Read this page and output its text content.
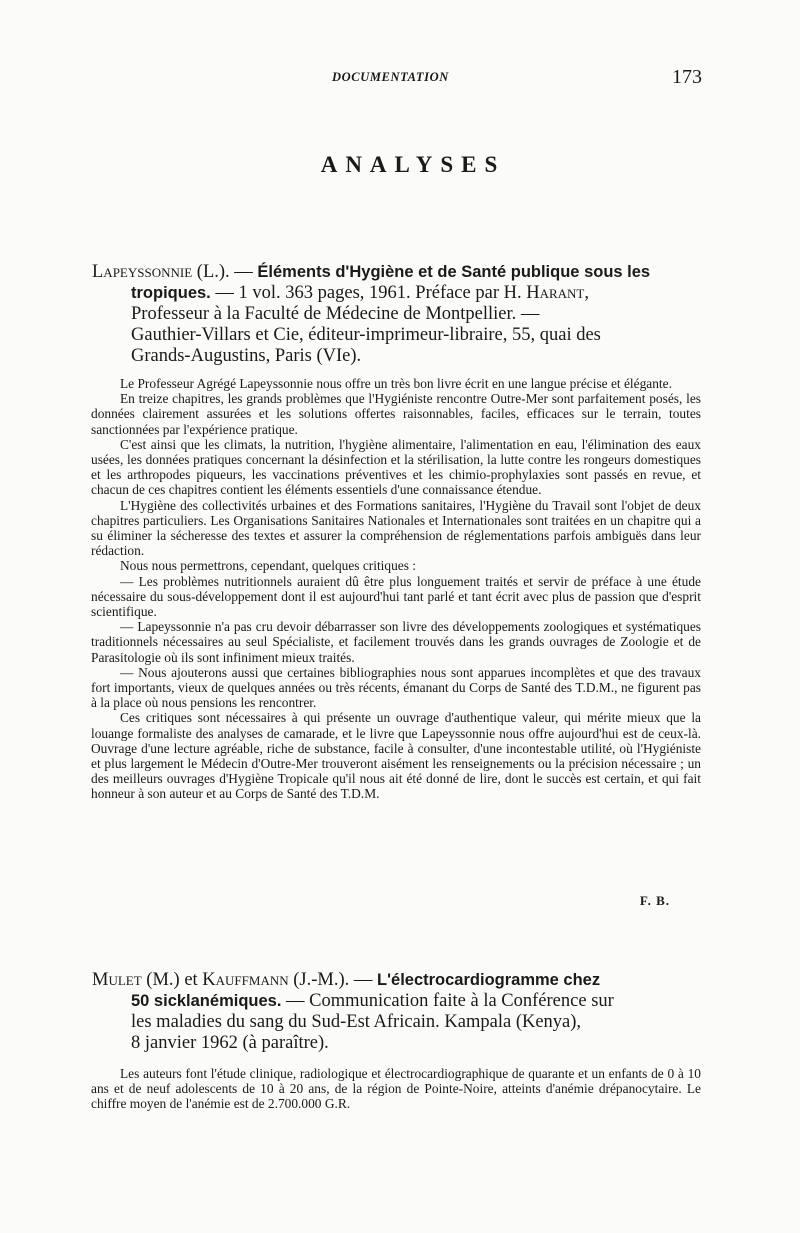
DOCUMENTATION	173
ANALYSES
Lapeyssonnie (L.). — Éléments d'Hygiène et de Santé publique sous les
tropiques. — 1 vol. 363 pages, 1961. Préface par H. Harant,
Professeur à la Faculté de Médecine de Montpellier. —
Gauthier-Villars et Cie, éditeur-imprimeur-libraire, 55, quai des
Grands-Augustins, Paris (VIe).

Le Professeur Agrégé Lapeyssonnie nous offre un très bon livre écrit en une langue précise et élégante.

En treize chapitres, les grands problèmes que l'Hygiéniste rencontre Outre-Mer sont parfaitement posés, les données clairement assurées et les solutions offertes raisonnables, faciles, efficaces sur le terrain, toutes sanctionnées par l'expérience pratique.

C'est ainsi que les climats, la nutrition, l'hygiène alimentaire, l'alimentation en eau, l'élimination des eaux usées, les données pratiques concernant la désinfection et la stérilisation, la lutte contre les rongeurs domestiques et les arthropodes piqueurs, les vaccinations préventives et les chimio-prophylaxies sont passés en revue, et chacun de ces chapitres contient les éléments essentiels d'une connaissance étendue.

L'Hygiène des collectivités urbaines et des Formations sanitaires, l'Hygiène du Travail sont l'objet de deux chapitres particuliers. Les Organisations Sanitaires Nationales et Internationales sont traitées en un chapitre qui a su éliminer la sécheresse des textes et assurer la compréhension de réglementations parfois ambiguës dans leur rédaction.

Nous nous permettrons, cependant, quelques critiques :

— Les problèmes nutritionnels auraient dû être plus longuement traités et servir de préface à une étude nécessaire du sous-développement dont il est aujourd'hui tant parlé et tant écrit avec plus de passion que d'esprit scientifique.

— Lapeyssonnie n'a pas cru devoir débarrasser son livre des développements zoologiques et systématiques traditionnels nécessaires au seul Spécialiste, et facilement trouvés dans les grands ouvrages de Zoologie et de Parasitologie où ils sont infiniment mieux traités.

— Nous ajouterons aussi que certaines bibliographies nous sont apparues incomplètes et que des travaux fort importants, vieux de quelques années ou très récents, émanant du Corps de Santé des T.D.M., ne figurent pas à la place où nous pensions les rencontrer.

Ces critiques sont nécessaires à qui présente un ouvrage d'authentique valeur, qui mérite mieux que la louange formaliste des analyses de camarade, et le livre que Lapeyssonnie nous offre aujourd'hui est de ceux-là. Ouvrage d'une lecture agréable, riche de substance, facile à consulter, d'une incontestable utilité, où l'Hygiéniste et plus largement le Médecin d'Outre-Mer trouveront aisément les renseignements ou la précision nécessaire ; un des meilleurs ouvrages d'Hygiène Tropicale qu'il nous ait été donné de lire, dont le succès est certain, et qui fait honneur à son auteur et au Corps de Santé des T.D.M.

F. B.
Mulet (M.) et Kauffmann (J.-M.). — L'électrocardiogramme chez
50 sicklanémiques. — Communication faite à la Conférence sur
les maladies du sang du Sud-Est Africain. Kampala (Kenya),
8 janvier 1962 (à paraître).

Les auteurs font l'étude clinique, radiologique et électrocardiographique de quarante et un enfants de 0 à 10 ans et de neuf adolescents de 10 à 20 ans, de la région de Pointe-Noire, atteints d'anémie drépanocytaire. Le chiffre moyen de l'anémie est de 2.700.000 G.R.
